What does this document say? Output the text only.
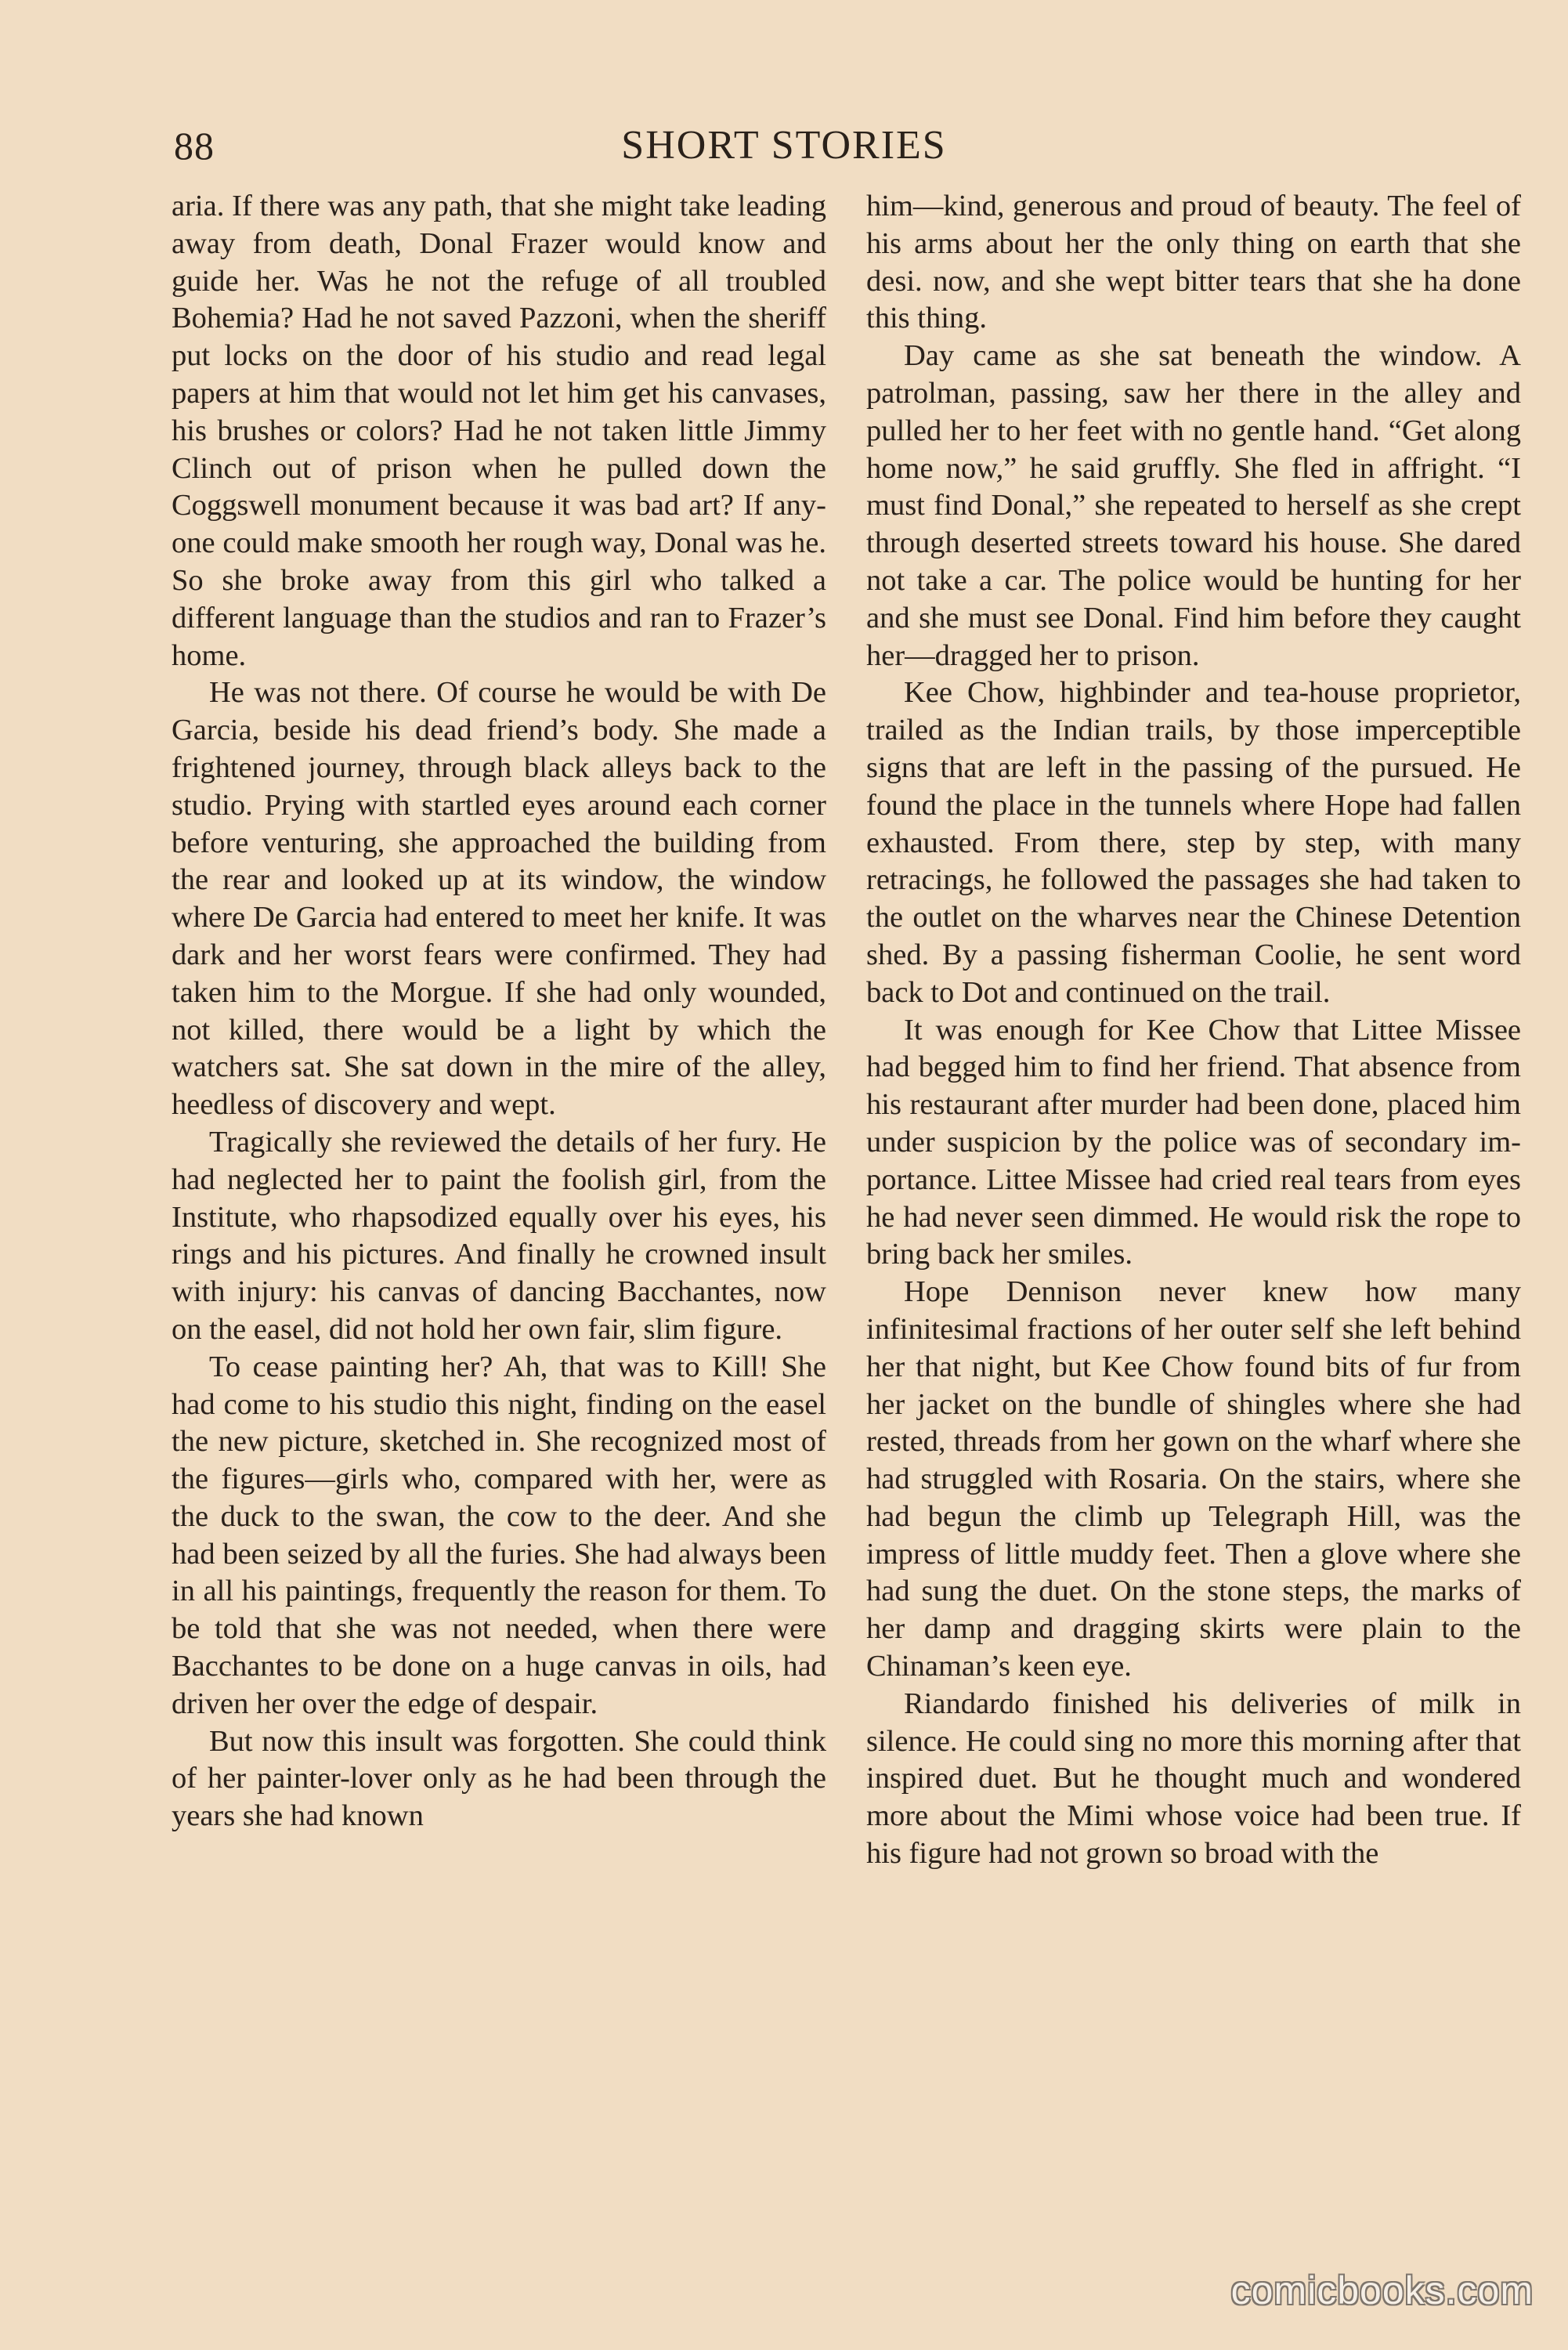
88	SHORT STORIES

aria. If there was any path, that she might take leading away from death, Donal Frazer would know and guide her. Was he not the refuge of all troubled Bohemia? Had he not saved Pazzoni, when the sheriff put locks on the door of his studio and read legal papers at him that would not let him get his canvases, his brushes or colors? Had he not taken little Jimmy Clinch out of prison when he pulled down the Coggswell monument because it was bad art? If anyone could make smooth her rough way, Donal was he. So she broke away from this girl who talked a different language than the studios and ran to Frazer’s home.

He was not there. Of course he would be with De Garcia, beside his dead friend’s body. She made a frightened journey, through black alleys back to the studio. Prying with startled eyes around each corner before venturing, she approached the building from the rear and looked up at its window, the window where De Garcia had entered to meet her knife. It was dark and her worst fears were confirmed. They had taken him to the Morgue. If she had only wounded, not killed, there would be a light by which the watchers sat. She sat down in the mire of the alley, heedless of discovery and wept.

Tragically she reviewed the details of her fury. He had neglected her to paint the foolish girl, from the Institute, who rhapsodized equally over his eyes, his rings and his pictures. And finally he crowned insult with injury: his canvas of dancing Bacchantes, now on the easel, did not hold her own fair, slim figure.

To cease painting her? Ah, that was to Kill! She had come to his studio this night, finding on the easel the new picture, sketched in. She recognized most of the figures—girls who, compared with her, were as the duck to the swan, the cow to the deer. And she had been seized by all the furies. She had always been in all his paintings, frequently the reason for them. To be told that she was not needed, when there were Bacchantes to be done on a huge canvas in oils, had driven her over the edge of despair.

But now this insult was forgotten. She could think of her painter-lover only as he had been through the years she had known

him—kind, generous and proud of beauty. The feel of his arms about her the only thing on earth that she desi. now, and she wept bitter tears that she ha done this thing.

Day came as she sat beneath the window. A patrolman, passing, saw her there in the alley and pulled her to her feet with no gentle hand. “Get along home now,” he said gruffly. She fled in affright. “I must find Donal,” she repeated to herself as she crept through deserted streets toward his house. She dared not take a car. The police would be hunting for her and she must see Donal. Find him before they caught her—dragged her to prison.

Kee Chow, highbinder and tea-house proprietor, trailed as the Indian trails, by those imperceptible signs that are left in the passing of the pursued. He found the place in the tunnels where Hope had fallen exhausted. From there, step by step, with many retracings, he followed the passages she had taken to the outlet on the wharves near the Chinese Detention shed. By a passing fisherman Coolie, he sent word back to Dot and continued on the trail.

It was enough for Kee Chow that Littee Missee had begged him to find her friend. That absence from his restaurant after murder had been done, placed him under suspicion by the police was of secondary importance. Littee Missee had cried real tears from eyes he had never seen dimmed. He would risk the rope to bring back her smiles.

Hope Dennison never knew how many infinitesimal fractions of her outer self she left behind her that night, but Kee Chow found bits of fur from her jacket on the bundle of shingles where she had rested, threads from her gown on the wharf where she had struggled with Rosaria. On the stairs, where she had begun the climb up Telegraph Hill, was the impress of little muddy feet. Then a glove where she had sung the duet. On the stone steps, the marks of her damp and dragging skirts were plain to the Chinaman’s keen eye.

Riandardo finished his deliveries of milk in silence. He could sing no more this morning after that inspired duet. But he thought much and wondered more about the Mimi whose voice had been true. If his figure had not grown so broad with the

comicbooks.com
